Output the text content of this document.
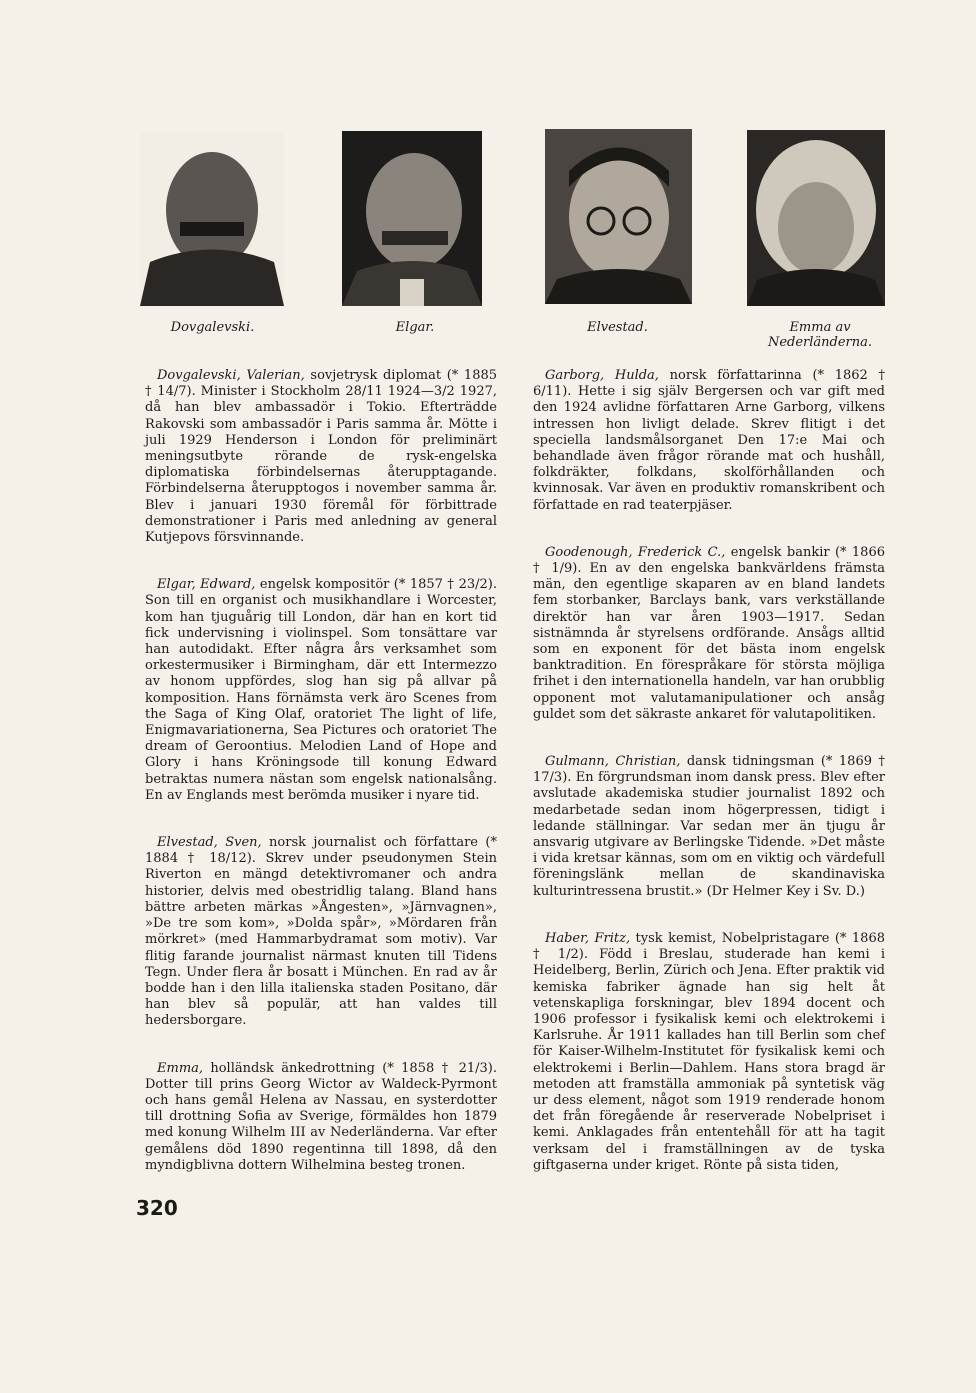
Dovgalevski.	Elgar.	Elvestad.	Emma av
Nederländerna.

Dovgalevski, Valerian, sovjetrysk diplomat (* 1885 † 14/7). Minister i Stockholm 28/11 1924—3/2 1927, då han blev ambassadör i Tokio. Efterträdde Rakovski som ambassadör i Paris samma år. Mötte i juli 1929 Henderson i London för preliminärt meningsutbyte rörande de rysk-engelska diplomatiska förbindelsernas återupptagande. Förbindelserna återupptogos i november samma år. Blev i januari 1930 föremål för förbittrade demonstrationer i Paris med anledning av general Kutjepovs försvinnande.

Elgar, Edward, engelsk kompositör (* 1857 † 23/2). Son till en organist och musikhandlare i Worcester, kom han tjuguårig till London, där han en kort tid fick undervisning i violinspel. Som tonsättare var han autodidakt. Efter några års verksamhet som orkestermusiker i Birmingham, där ett Intermezzo av honom uppfördes, slog han sig på allvar på komposition. Hans förnämsta verk äro Scenes from the Saga of King Olaf, oratoriet The light of life, Enigmavariationerna, Sea Pictures och oratoriet The dream of Geroontius. Melodien Land of Hope and Glory i hans Kröningsode till konung Edward betraktas numera nästan som engelsk nationalsång. En av Englands mest berömda musiker i nyare tid.

Elvestad, Sven, norsk journalist och författare (* 1884 † 18/12). Skrev under pseudonymen Stein Riverton en mängd detektivromaner och andra historier, delvis med obestridlig talang. Bland hans bättre arbeten märkas »Ångesten», »Järnvagnen», »De tre som kom», »Dolda spår», »Mördaren från mörkret» (med Hammarbydramat som motiv). Var flitig farande journalist närmast knuten till Tidens Tegn. Under flera år bosatt i München. En rad av år bodde han i den lilla italienska staden Positano, där han blev så populär, att han valdes till hedersborgare.

Emma, holländsk änkedrottning (* 1858 † 21/3). Dotter till prins Georg Wictor av Waldeck-Pyrmont och hans gemål Helena av Nassau, en systerdotter till drottning Sofia av Sverige, förmäldes hon 1879 med konung Wilhelm III av Nederländerna. Var efter gemålens död 1890 regentinna till 1898, då den myndigblivna dottern Wilhelmina besteg tronen.

Garborg, Hulda, norsk författarinna (* 1862 † 6/11). Hette i sig själv Bergersen och var gift med den 1924 avlidne författaren Arne Garborg, vilkens intressen hon livligt delade. Skrev flitigt i det speciella landsmålsorganet Den 17:e Mai och behandlade även frågor rörande mat och hushåll, folkdräkter, folkdans, skolförhållanden och kvinnosak. Var även en produktiv romanskribent och författade en rad teaterpjäser.

Goodenough, Frederick C., engelsk bankir (* 1866 † 1/9). En av den engelska bankvärldens främsta män, den egentlige skaparen av en bland landets fem storbanker, Barclays bank, vars verkställande direktör han var åren 1903—1917. Sedan sistnämnda år styrelsens ordförande. Ansågs alltid som en exponent för det bästa inom engelsk banktradition. En förespråkare för största möjliga frihet i den internationella handeln, var han orubblig opponent mot valutamanipulationer och ansåg guldet som det säkraste ankaret för valutapolitiken.

Gulmann, Christian, dansk tidningsman (* 1869 † 17/3). En förgrundsman inom dansk press. Blev efter avslutade akademiska studier journalist 1892 och medarbetade sedan inom högerpressen, tidigt i ledande ställningar. Var sedan mer än tjugu år ansvarig utgivare av Berlingske Tidende. »Det måste i vida kretsar kännas, som om en viktig och värdefull föreningslänk mellan de skandinaviska kulturintressena brustit.» (Dr Helmer Key i Sv. D.)

Haber, Fritz, tysk kemist, Nobelpristagare (* 1868 † 1/2). Född i Breslau, studerade han kemi i Heidelberg, Berlin, Zürich och Jena. Efter praktik vid kemiska fabriker ägnade han sig helt åt vetenskapliga forskningar, blev 1894 docent och 1906 professor i fysikalisk kemi och elektrokemi i Karlsruhe. År 1911 kallades han till Berlin som chef för Kaiser-Wilhelm-Institutet för fysikalisk kemi och elektrokemi i Berlin—Dahlem. Hans stora bragd är metoden att framställa ammoniak på syntetisk väg ur dess element, något som 1919 renderade honom det från föregående år reserverade Nobelpriset i kemi. Anklagades från ententehåll för att ha tagit verksam del i framställningen av de tyska giftgaserna under kriget. Rönte på sista tiden,

320
